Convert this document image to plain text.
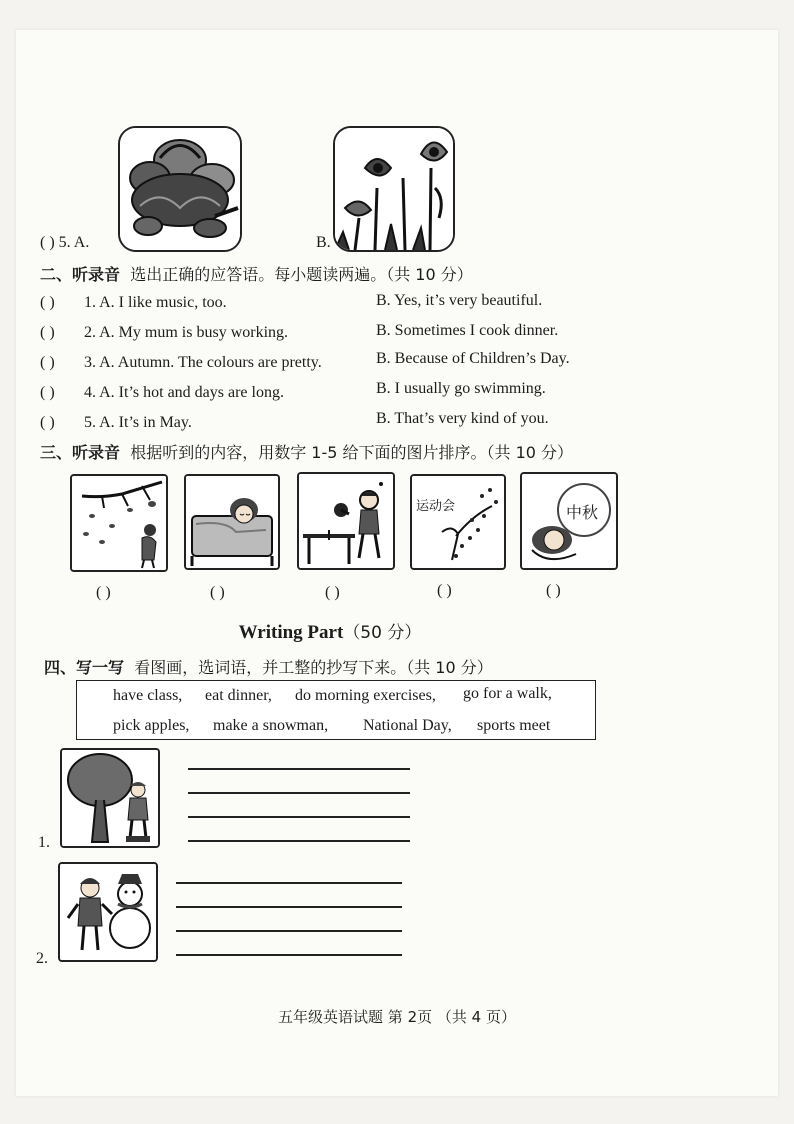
( ) 5. A.	B.
二、听录音 选出正确的应答语。每小题读两遍。（共 10 分）
( ) 1. A. I like music, too.	B. Yes, it’s very beautiful.
( ) 2. A. My mum is busy working.	B. Sometimes I cook dinner.
( ) 3. A. Autumn. The colours are pretty.	B. Because of Children’s Day.
( ) 4. A. It’s hot and days are long.	B. I usually go swimming.
( ) 5. A. It’s in May.	B. That’s very kind of you.
三、听录音 根据听到的内容，用数字 1-5 给下面的图片排序。（共 10 分）
运动会	中秋
( )	( )	( )	( )	( )
Writing Part（50 分）
四、写一写 看图画，选词语，并工整的抄写下来。（共 10 分）
have class, eat dinner, do morning exercises, go for a walk,
pick apples, make a snowman, National Day, sports meet
1.
2.
五年级英语试题 第 2页 （共 4 页）
